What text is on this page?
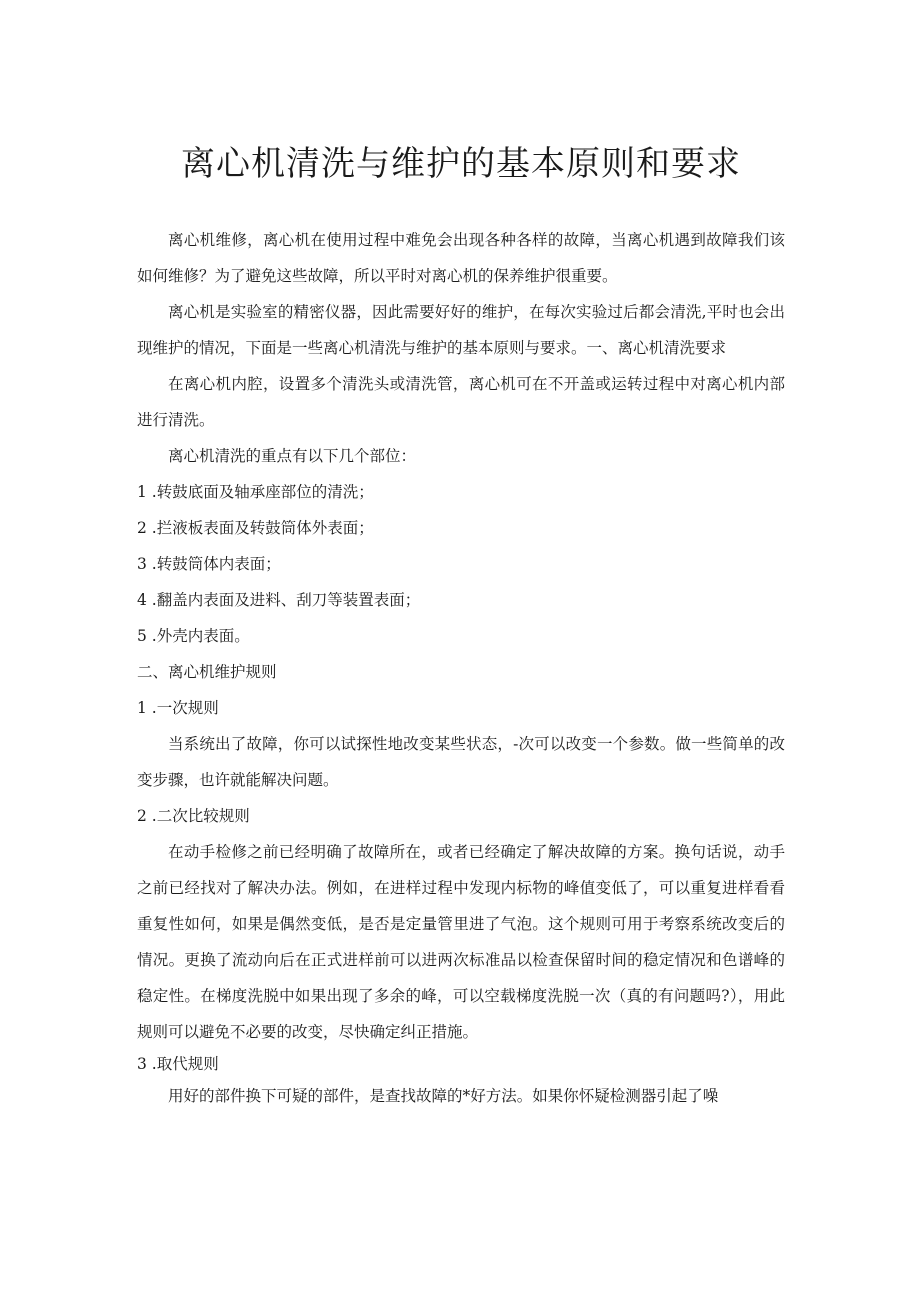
离心机清洗与维护的基本原则和要求

离心机维修，离心机在使用过程中难免会出现各种各样的故障，当离心机遇到故障我们该如何维修？为了避免这些故障，所以平时对离心机的保养维护很重要。

离心机是实验室的精密仪器，因此需要好好的维护，在每次实验过后都会清洗,平时也会出现维护的情况，下面是一些离心机清洗与维护的基本原则与要求。一、离心机清洗要求

在离心机内腔，设置多个清洗头或清洗管，离心机可在不开盖或运转过程中对离心机内部进行清洗。

离心机清洗的重点有以下几个部位：

1 .转鼓底面及轴承座部位的清洗；

2 .拦液板表面及转鼓筒体外表面；

3 .转鼓筒体内表面；

4 .翻盖内表面及进料、刮刀等装置表面；

5 .外壳内表面。

二、离心机维护规则

1 .一次规则

当系统出了故障，你可以试探性地改变某些状态，-次可以改变一个参数。做一些简单的改变步骤，也许就能解决问题。

2 .二次比较规则

在动手检修之前已经明确了故障所在，或者已经确定了解决故障的方案。换句话说，动手之前已经找对了解决办法。例如，在进样过程中发现内标物的峰值变低了，可以重复进样看看重复性如何，如果是偶然变低，是否是定量管里进了气泡。这个规则可用于考察系统改变后的情况。更换了流动向后在正式进样前可以进两次标准品以检查保留时间的稳定情况和色谱峰的稳定性。在梯度洗脱中如果出现了多余的峰，可以空载梯度洗脱一次（真的有问题吗?），用此规则可以避免不必要的改变，尽快确定纠正措施。

3 .取代规则

用好的部件换下可疑的部件，是查找故障的*好方法。如果你怀疑检测器引起了噪
